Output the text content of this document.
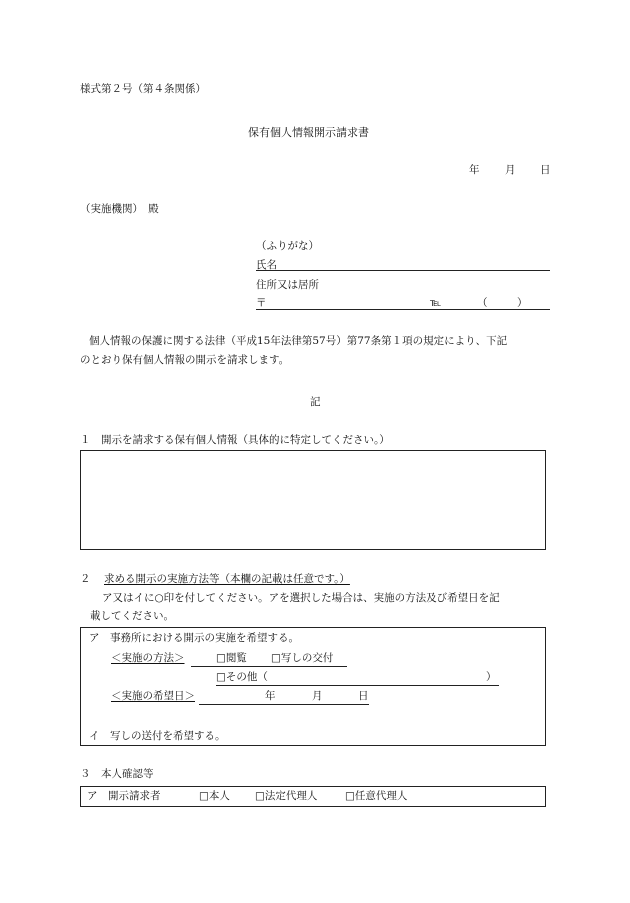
様式第２号（第４条関係）
保有個人情報開示請求書
年 月 日
（実施機関）　殿
（ふりがな）
氏名
住所又は居所
〒	℡	（	）
個人情報の保護に関する法律（平成15年法律第57号）第77条第１項の規定により、下記
のとおり保有個人情報の開示を請求します。
記
１　開示を請求する保有個人情報（具体的に特定してください。）
２ 求める開示の実施方法等（本欄の記載は任意です。）
ア又はイに○印を付してください。アを選択した場合は、実施の方法及び希望日を記
載してください。
ア　事務所における開示の実施を希望する。
＜実施の方法＞	□閲覧 □写しの交付
□その他（	）
＜実施の希望日＞	年	月	日
イ　写しの送付を希望する。
３　本人確認等
ア　開示請求者	□本人 □法定代理人	□任意代理人
